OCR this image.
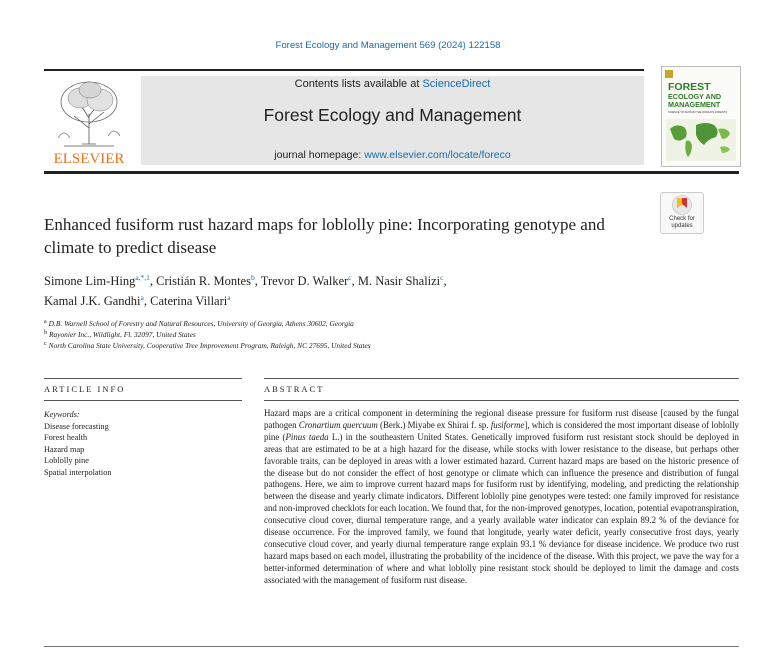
Forest Ecology and Management 569 (2024) 122158
ELSEVIER
Contents lists available at ScienceDirect
Forest Ecology and Management
journal homepage: www.elsevier.com/locate/foreco
FOREST
ECOLOGY AND
MANAGEMENT
SCIENCE TO SUSTAIN THE WORLD'S FORESTS
Check for
updates
Enhanced fusiform rust hazard maps for loblolly pine: Incorporating genotype and climate to predict disease
Simone Lim-Hing$^{a,*,1}$, Cristián R. Montes$^b$, Trevor D. Walker$^c$, M. Nasir Shalizi$^c$,
Kamal J.K. Gandhi$^a$, Caterina Villari$^a$
$^a$ D.B. Warnell School of Forestry and Natural Resources, University of Georgia, Athens 30602, Georgia
$^b$ Rayonier Inc., Wildlight, Fl. 32097, United States
$^c$ North Carolina State University, Cooperative Tree Improvement Program, Raleigh, NC 27695, United States
ARTICLE INFO	ABSTRACT
Keywords:
Disease forecasting
Forest health
Hazard map
Loblolly pine
Spatial interpolation
Hazard maps are a critical component in determining the regional disease pressure for fusiform rust disease [caused by the fungal pathogen Cronartium quercuum (Berk.) Miyabe ex Shirai f. sp. fusiforme], which is considered the most important disease of loblolly pine (Pinus taeda L.) in the southeastern United States. Genetically improved fusiform rust resistant stock should be deployed in areas that are estimated to be at a high hazard for the disease, while stocks with lower resistance to the disease, but perhaps other favorable traits, can be deployed in areas with a lower estimated hazard. Current hazard maps are based on the historic presence of the disease but do not consider the effect of host genotype or climate which can influence the presence and distribution of fungal pathogens. Here, we aim to improve current hazard maps for fusiform rust by identifying, modeling, and predicting the relationship between the disease and yearly climate indicators. Different loblolly pine genotypes were tested: one family improved for resistance and non-improved checklots for each location. We found that, for the non-improved genotypes, location, potential evapotranspiration, consecutive cloud cover, diurnal temperature range, and a yearly available water indicator can explain 89.2 % of the deviance for disease occurrence. For the improved family, we found that longitude, yearly water deficit, yearly consecutive frost days, yearly consecutive cloud cover, and yearly diurnal temperature range explain 93.1 % deviance for disease incidence. We produce two rust hazard maps based on each model, illustrating the probability of the incidence of the disease. With this project, we pave the way for a better-informed determination of where and what loblolly pine resistant stock should be deployed to limit the damage and costs associated with the management of fusiform rust disease.
